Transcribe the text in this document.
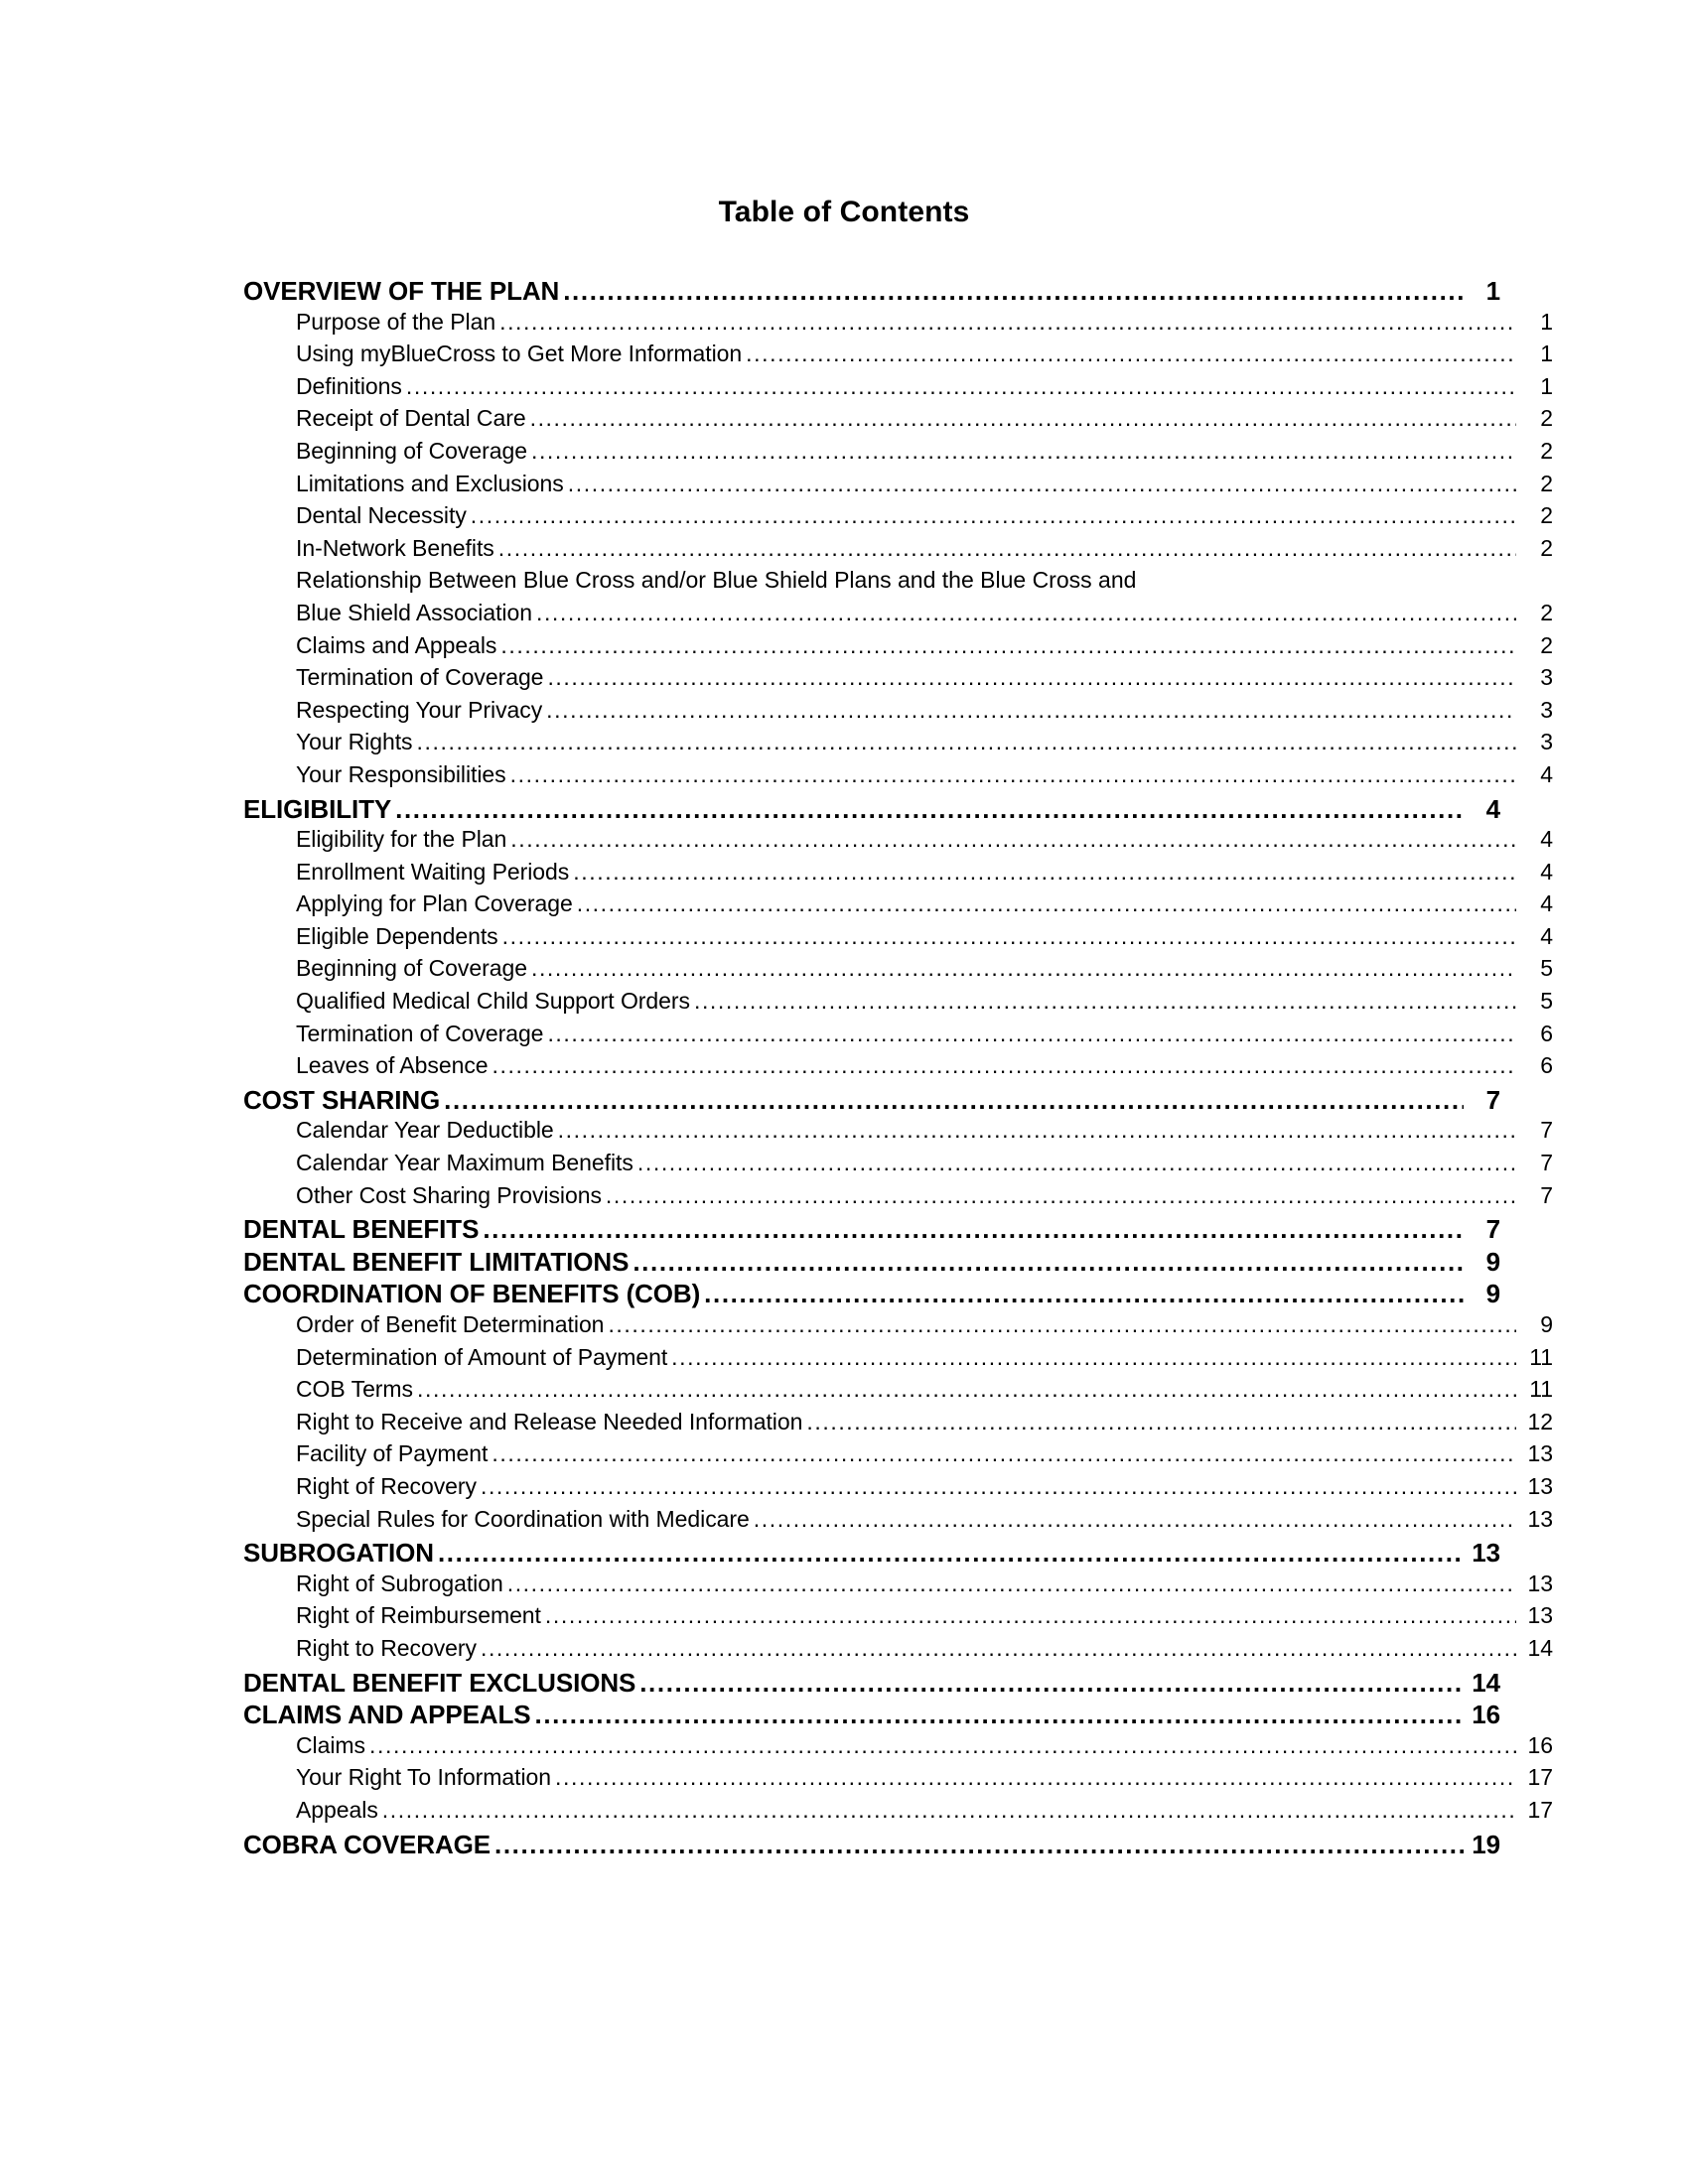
Table of Contents
OVERVIEW OF THE PLAN .....	1
Purpose of the Plan .....	1
Using myBlueCross to Get More Information .....	1
Definitions .....	1
Receipt of Dental Care .....	2
Beginning of Coverage .....	2
Limitations and Exclusions .....	2
Dental Necessity .....	2
In-Network Benefits .....	2
Relationship Between Blue Cross and/or Blue Shield Plans and the Blue Cross and
Blue Shield Association .....	2
Claims and Appeals .....	2
Termination of Coverage .....	3
Respecting Your Privacy .....	3
Your Rights .....	3
Your Responsibilities .....	4
ELIGIBILITY .....	4
Eligibility for the Plan .....	4
Enrollment Waiting Periods .....	4
Applying for Plan Coverage .....	4
Eligible Dependents .....	4
Beginning of Coverage .....	5
Qualified Medical Child Support Orders .....	5
Termination of Coverage .....	6
Leaves of Absence .....	6
COST SHARING .....	7
Calendar Year Deductible .....	7
Calendar Year Maximum Benefits .....	7
Other Cost Sharing Provisions .....	7
DENTAL BENEFITS .....	7
DENTAL BENEFIT LIMITATIONS .....	9
COORDINATION OF BENEFITS (COB) .....	9
Order of Benefit Determination .....	9
Determination of Amount of Payment .....	11
COB Terms .....	11
Right to Receive and Release Needed Information .....	12
Facility of Payment .....	13
Right of Recovery .....	13
Special Rules for Coordination with Medicare .....	13
SUBROGATION .....	13
Right of Subrogation .....	13
Right of Reimbursement .....	13
Right to Recovery .....	14
DENTAL BENEFIT EXCLUSIONS .....	14
CLAIMS AND APPEALS .....	16
Claims .....	16
Your Right To Information .....	17
Appeals .....	17
COBRA COVERAGE .....	19
